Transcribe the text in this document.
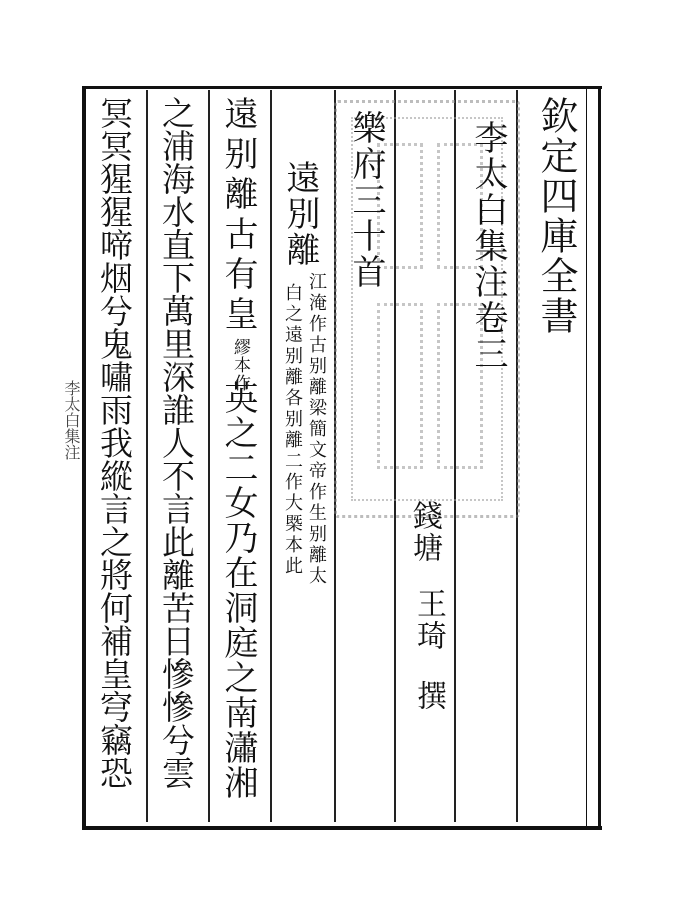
欽定四庫全書
李太白集注卷三
錢塘
王琦
撰
樂府三十首
遠別離
江淹作古别離梁簡文帝作生别離太
白之遠别離各别離二作大槩本此
遠别離古有皇
繆本作
英之二女乃在洞庭之南瀟湘
之浦海水直下萬里深誰人不言此離苦日慘慘兮雲
冥冥猩猩啼烟兮鬼嘯雨我縱言之將何補皇穹竊恐
李太白集注
